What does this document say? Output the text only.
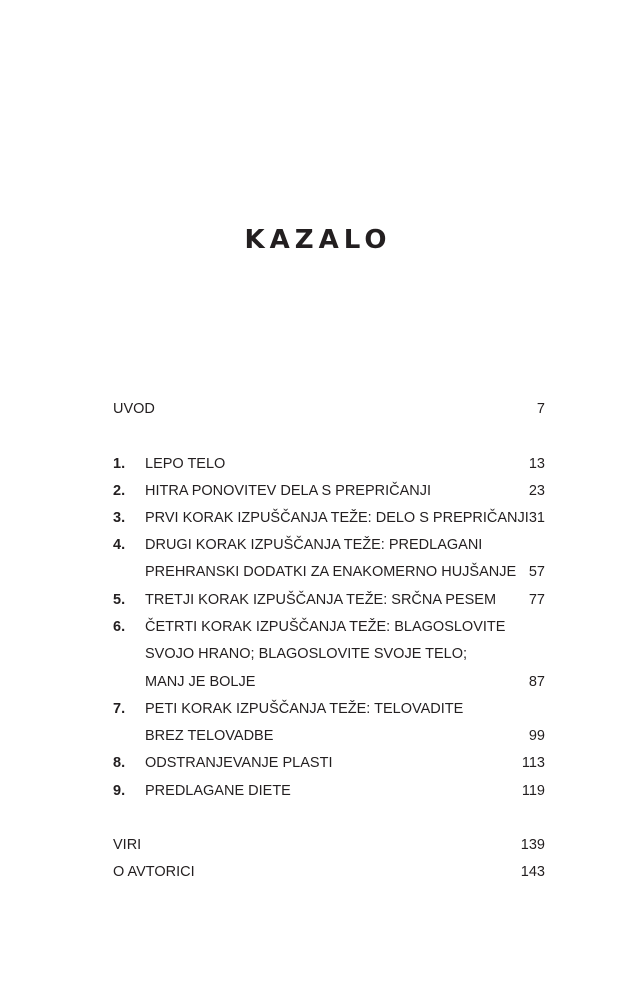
KAZALO
UVOD	7
1. LEPO TELO	13
2. HITRA PONOVITEV DELA S PREPRIČANJI	23
3. PRVI KORAK IZPUŠČANJA TEŽE: DELO S PREPRIČANJI 31
4. DRUGI KORAK IZPUŠČANJA TEŽE: PREDLAGANI
PREHRANSKI DODATKI ZA ENAKOMERNO HUJŠANJE 57
5. TRETJI KORAK IZPUŠČANJA TEŽE: SRČNA PESEM 77
6. ČETRTI KORAK IZPUŠČANJA TEŽE: BLAGOSLOVITE
SVOJO HRANO; BLAGOSLOVITE SVOJE TELO;
MANJ JE BOLJE	87
7. PETI KORAK IZPUŠČANJA TEŽE: TELOVADITE
BREZ TELOVADBE	99
8. ODSTRANJEVANJE PLASTI	113
9. PREDLAGANE DIETE	119
VIRI	139
O AVTORICI	143
